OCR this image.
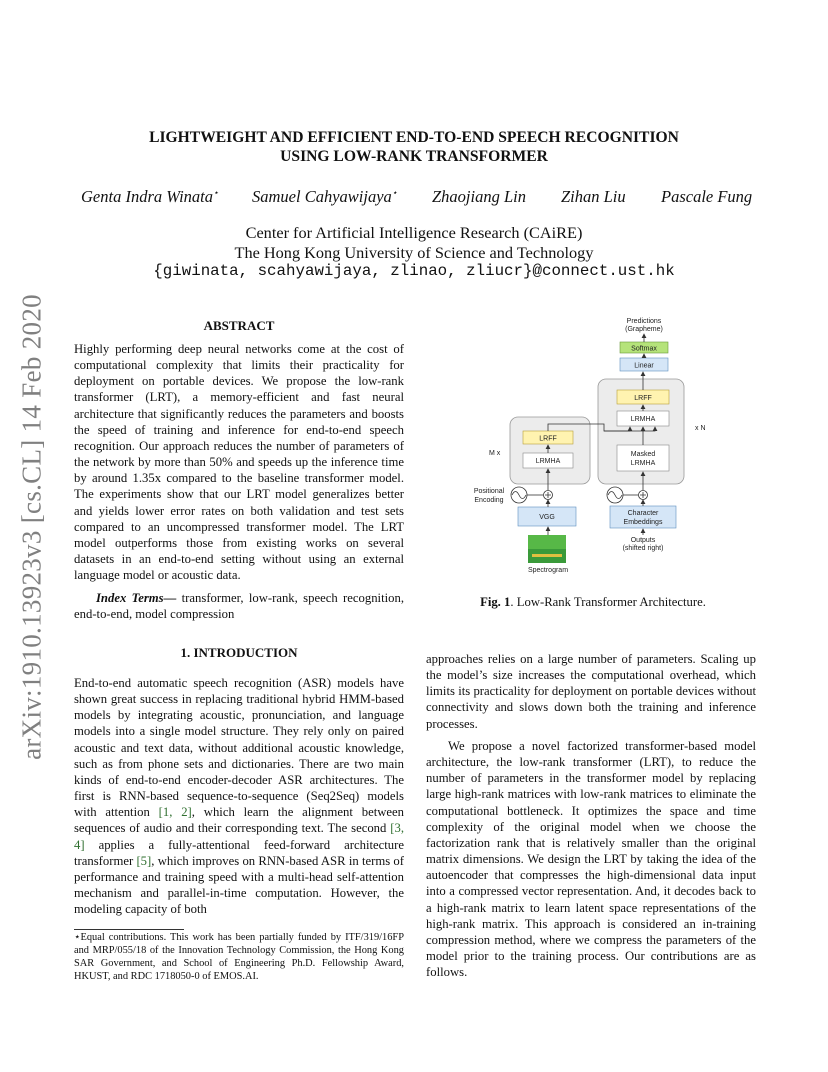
arXiv:1910.13923v3 [cs.CL] 14 Feb 2020
LIGHTWEIGHT AND EFFICIENT END-TO-END SPEECH RECOGNITION
USING LOW-RANK TRANSFORMER
Genta Indra Winata⋆ Samuel Cahyawijaya⋆ Zhaojiang Lin Zihan Liu Pascale Fung
Center for Artificial Intelligence Research (CAiRE)
The Hong Kong University of Science and Technology
{giwinata, scahyawijaya, zlinao, zliucr}@connect.ust.hk
ABSTRACT
Highly performing deep neural networks come at the cost of computational complexity that limits their practicality for deployment on portable devices. We propose the low-rank transformer (LRT), a memory-efficient and fast neural architecture that significantly reduces the parameters and boosts the speed of training and inference for end-to-end speech recognition. Our approach reduces the number of parameters of the network by more than 50% and speeds up the inference time by around 1.35x compared to the baseline transformer model. The experiments show that our LRT model generalizes better and yields lower error rates on both validation and test sets compared to an uncompressed transformer model. The LRT model outperforms those from existing works on several datasets in an end-to-end setting without using an external language model or acoustic data.
Index Terms— transformer, low-rank, speech recognition, end-to-end, model compression
1. INTRODUCTION
End-to-end automatic speech recognition (ASR) models have shown great success in replacing traditional hybrid HMM-based models by integrating acoustic, pronunciation, and language models into a single model structure. They rely only on paired acoustic and text data, without additional acoustic knowledge, such as from phone sets and dictionaries. There are two main kinds of end-to-end encoder-decoder ASR architectures. The first is RNN-based sequence-to-sequence (Seq2Seq) models with attention [1, 2], which learn the alignment between sequences of audio and their corresponding text. The second [3, 4] applies a fully-attentional feed-forward architecture transformer [5], which improves on RNN-based ASR in terms of performance and training speed with a multi-head self-attention mechanism and parallel-in-time computation. However, the modeling capacity of both
⋆Equal contributions. This work has been partially funded by ITF/319/16FP and MRP/055/18 of the Innovation Technology Commission, the Hong Kong SAR Government, and School of Engineering Ph.D. Fellowship Award, HKUST, and RDC 1718050-0 of EMOS.AI.
Predictions
(Grapheme)
Softmax
Linear
LRFF
LRMHA
Masked
LRMHA
LRFF
LRMHA
x N
M x
VGG
Character
Embeddings
Spectrogram
Outputs
(shifted right)
Positional
Encoding
Fig. 1. Low-Rank Transformer Architecture.
approaches relies on a large number of parameters. Scaling up the model’s size increases the computational overhead, which limits its practicality for deployment on portable devices without connectivity and slows down both the training and inference processes.
We propose a novel factorized transformer-based model architecture, the low-rank transformer (LRT), to reduce the number of parameters in the transformer model by replacing large high-rank matrices with low-rank matrices to eliminate the computational bottleneck. It optimizes the space and time complexity of the original model when we choose the factorization rank that is relatively smaller than the original matrix dimensions. We design the LRT by taking the idea of the autoencoder that compresses the high-dimensional data input into a compressed vector representation. And, it decodes back to a high-rank matrix to learn latent space representations of the high-rank matrix. This approach is considered an in-training compression method, where we compress the parameters of the model prior to the training process. Our contributions are as follows.
